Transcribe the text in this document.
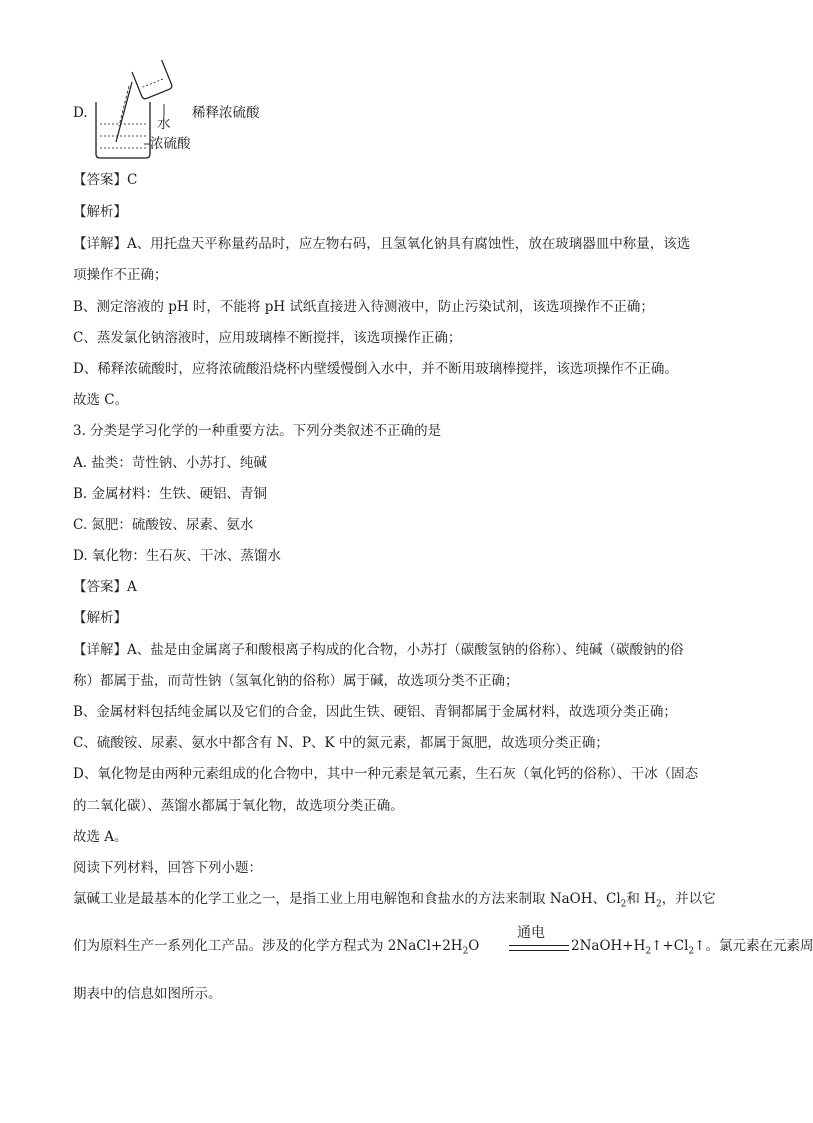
D.
水
浓硫酸
稀释浓硫酸
【答案】C
【解析】
【详解】A、用托盘天平称量药品时，应左物右码，且氢氧化钠具有腐蚀性，放在玻璃器皿中称量，该选
项操作不正确；
B、测定溶液的 pH 时，不能将 pH 试纸直接进入待测液中，防止污染试剂，该选项操作不正确；
C、蒸发氯化钠溶液时，应用玻璃棒不断搅拌，该选项操作正确；
D、稀释浓硫酸时，应将浓硫酸沿烧杯内壁缓慢倒入水中，并不断用玻璃棒搅拌，该选项操作不正确。
故选 C。
3. 分类是学习化学的一种重要方法。下列分类叙述不正确的是
A. 盐类：苛性钠、小苏打、纯碱
B. 金属材料：生铁、硬铝、青铜
C. 氮肥：硫酸铵、尿素、氨水
D. 氧化物：生石灰、干冰、蒸馏水
【答案】A
【解析】
【详解】A、盐是由金属离子和酸根离子构成的化合物，小苏打（碳酸氢钠的俗称）、纯碱（碳酸钠的俗
称）都属于盐，而苛性钠（氢氧化钠的俗称）属于碱，故选项分类不正确；
B、金属材料包括纯金属以及它们的合金，因此生铁、硬铝、青铜都属于金属材料，故选项分类正确；
C、硫酸铵、尿素、氨水中都含有 N、P、K 中的氮元素，都属于氮肥，故选项分类正确；
D、氧化物是由两种元素组成的化合物中，其中一种元素是氧元素，生石灰（氧化钙的俗称）、干冰（固态
的二氧化碳）、蒸馏水都属于氧化物，故选项分类正确。
故选 A。
阅读下列材料，回答下列小题：
氯碱工业是最基本的化学工业之一，是指工业上用电解饱和食盐水的方法来制取 NaOH、$Cl_2$和 $H_2$，并以它
们为原料生产一系列化工产品。涉及的化学方程式为 $2NaCl+2H_2O$
通电
$2NaOH+H_2↑+Cl_2↑$。氯元素在元素周
期表中的信息如图所示。
